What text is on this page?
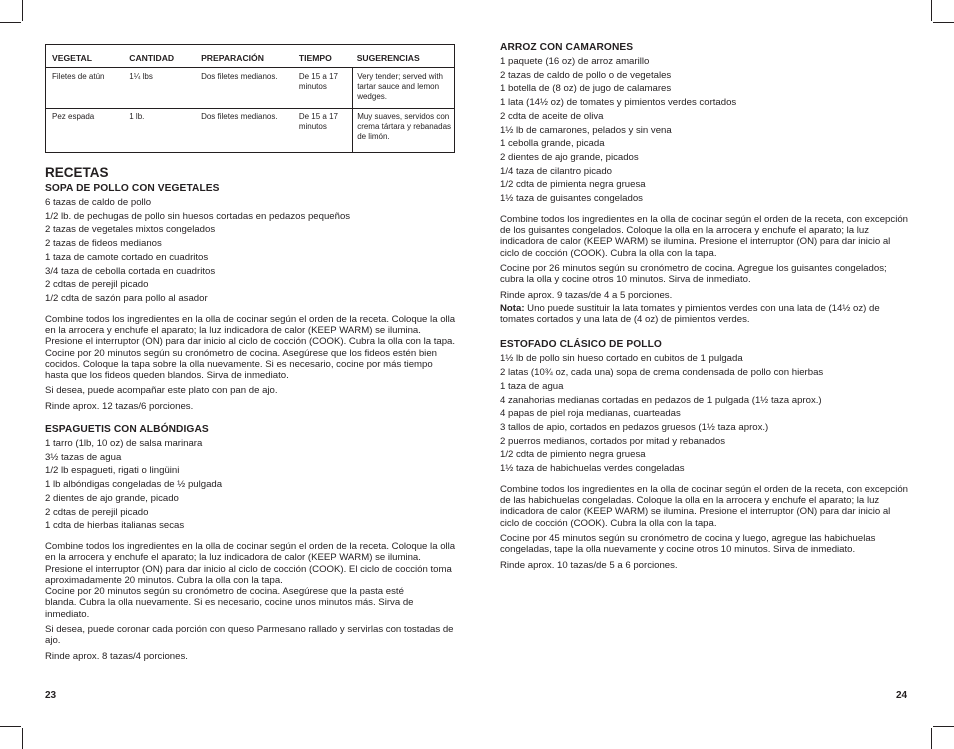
VEGETAL	CANTIDAD	PREPARACIÓN	TIEMPO	SUGERENCIAS
Filetes de atún	1¼ lbs	Dos filetes medianos.	De 15 a 17 minutos	Very tender; served with tartar sauce and lemon wedges.
Pez espada	1 lb.	Dos filetes medianos.	De 15 a 17 minutos	Muy suaves, servidos con crema tártara y rebanadas de limón.
RECETAS
SOPA DE POLLO CON VEGETALES
6 tazas de caldo de pollo
1/2 lb. de pechugas de pollo sin huesos cortadas en pedazos pequeños
2 tazas de vegetales mixtos congelados
2 tazas de fideos medianos
1 taza de camote cortado en cuadritos
3/4 taza de cebolla cortada en cuadritos
2 cdtas de perejil picado
1/2 cdta de sazón para pollo al asador

Combine todos los ingredientes en la olla de cocinar según el orden de la receta. Coloque la olla en la arrocera y enchufe el aparato; la luz indicadora de calor (KEEP WARM) se ilumina. Presione el interruptor (ON) para dar inicio al ciclo de cocción (COOK). Cubra la olla con la tapa.

Cocine por 20 minutos según su cronómetro de cocina. Asegúrese que los fideos estén bien cocidos. Coloque la tapa sobre la olla nuevamente. Si es necesario, cocine por más tiempo hasta que los fideos queden blandos. Sirva de inmediato.

Si desea, puede acompañar este plato con pan de ajo.

Rinde aprox. 12 tazas/6 porciones.

ESPAGUETIS CON ALBÓNDIGAS
1 tarro (1lb, 10 oz) de salsa marinara
3½ tazas de agua
1/2 lb espagueti, rigati o lingüini
1 lb albóndigas congeladas de ½ pulgada
2 dientes de ajo grande, picado
2 cdtas de perejil picado
1 cdta de hierbas italianas secas

Combine todos los ingredientes en la olla de cocinar según el orden de la receta. Coloque la olla en la arrocera y enchufe el aparato; la luz indicadora de calor (KEEP WARM) se ilumina. Presione el interruptor (ON) para dar inicio al ciclo de cocción (COOK). El ciclo de cocción toma aproximadamente 20 minutos. Cubra la olla con la tapa.

Cocine por 20 minutos según su cronómetro de cocina. Asegúrese que la pasta esté blanda. Cubra la olla nuevamente. Si es necesario, cocine unos minutos más. Sirva de inmediato.

Si desea, puede coronar cada porción con queso Parmesano rallado y servirlas con tostadas de ajo.

Rinde aprox. 8 tazas/4 porciones.

ARROZ CON CAMARONES
1 paquete (16 oz) de arroz amarillo
2 tazas de caldo de pollo o de vegetales
1 botella de (8 oz) de jugo de calamares
1 lata (14½ oz) de tomates y pimientos verdes cortados
2 cdta de aceite de oliva
1½ lb de camarones, pelados y sin vena
1 cebolla grande, picada
2 dientes de ajo grande, picados
1/4 taza de cilantro picado
1/2 cdta de pimienta negra gruesa
1½ taza de guisantes congelados

Combine todos los ingredientes en la olla de cocinar según el orden de la receta, con excepción de los guisantes congelados. Coloque la olla en la arrocera y enchufe el aparato; la luz indicadora de calor (KEEP WARM) se ilumina. Presione el interruptor (ON) para dar inicio al ciclo de cocción (COOK). Cubra la olla con la tapa.

Cocine por 26 minutos según su cronómetro de cocina. Agregue los guisantes congelados; cubra la olla y cocine otros 10 minutos. Sirva de inmediato.

Rinde aprox. 9 tazas/de 4 a 5 porciones.

Nota: Uno puede sustituir la lata tomates y pimientos verdes con una lata de (14½ oz) de tomates cortados y una lata de (4 oz) de pimientos verdes.

ESTOFADO CLÁSICO DE POLLO
1½ lb de pollo sin hueso cortado en cubitos de 1 pulgada
2 latas (10¾ oz, cada una) sopa de crema condensada de pollo con hierbas
1 taza de agua
4 zanahorias medianas cortadas en pedazos de 1 pulgada (1½ taza aprox.)
4 papas de piel roja medianas, cuarteadas
3 tallos de apio, cortados en pedazos gruesos (1½ taza aprox.)
2 puerros medianos, cortados por mitad y rebanados
1/2 cdta de pimiento negra gruesa
1½ taza de habichuelas verdes congeladas

Combine todos los ingredientes en la olla de cocinar según el orden de la receta, con excepción de las habichuelas congeladas. Coloque la olla en la arrocera y enchufe el aparato; la luz indicadora de calor (KEEP WARM) se ilumina. Presione el interruptor (ON) para dar inicio al ciclo de cocción (COOK). Cubra la olla con la tapa.

Cocine por 45 minutos según su cronómetro de cocina y luego, agregue las habichuelas congeladas, tape la olla nuevamente y cocine otros 10 minutos. Sirva de inmediato.

Rinde aprox. 10 tazas/de 5 a 6 porciones.

23	24
